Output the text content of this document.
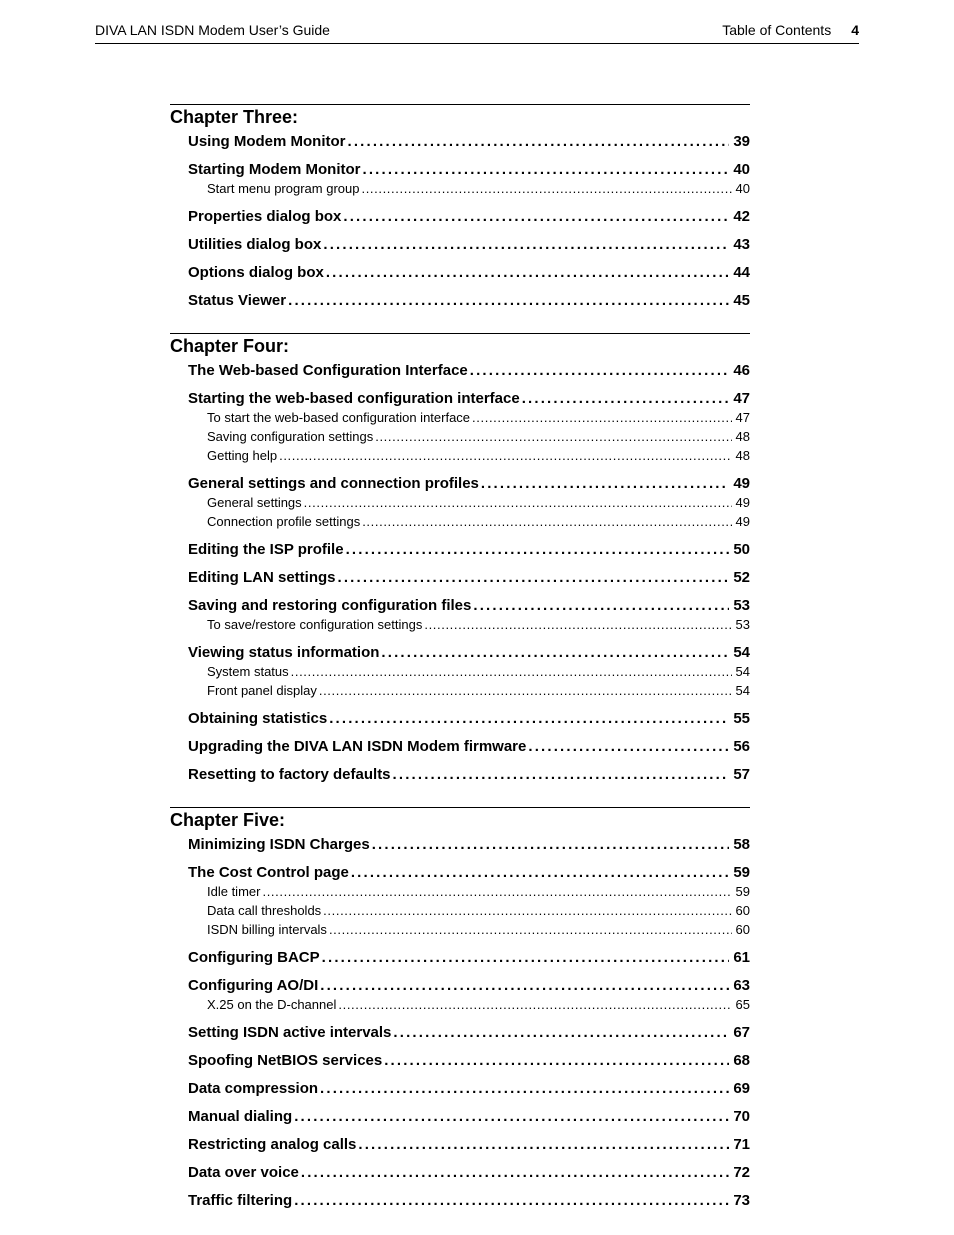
DIVA LAN ISDN Modem User’s Guide	Table of Contents 4
Chapter Three:
Using Modem Monitor . . .	39
Starting Modem Monitor . . .	40
Start menu program group . . .	40
Properties dialog box . . .	42
Utilities dialog box . . .	43
Options dialog box . . .	44
Status Viewer . . .	45
Chapter Four:
The Web-based Configuration Interface . . .	46
Starting the web-based configuration interface . . .	47
To start the web-based configuration interface . . .	47
Saving configuration settings . . .	48
Getting help . . .	48
General settings and connection profiles . . .	49
General settings . . .	49
Connection profile settings . . .	49
Editing the ISP profile . . .	50
Editing LAN settings . . .	52
Saving and restoring configuration files . . .	53
To save/restore configuration settings . . .	53
Viewing status information . . .	54
System status . . .	54
Front panel display . . .	54
Obtaining statistics . . .	55
Upgrading the DIVA LAN ISDN Modem firmware . . .	56
Resetting to factory defaults . . .	57
Chapter Five:
Minimizing ISDN Charges . . .	58
The Cost Control page . . .	59
Idle timer . . .	59
Data call thresholds . . .	60
ISDN billing intervals . . .	60
Configuring BACP . . .	61
Configuring AO/DI . . .	63
X.25 on the D-channel . . .	65
Setting ISDN active intervals . . .	67
Spoofing NetBIOS services . . .	68
Data compression . . .	69
Manual dialing . . .	70
Restricting analog calls . . .	71
Data over voice . . .	72
Traffic filtering . . .	73
